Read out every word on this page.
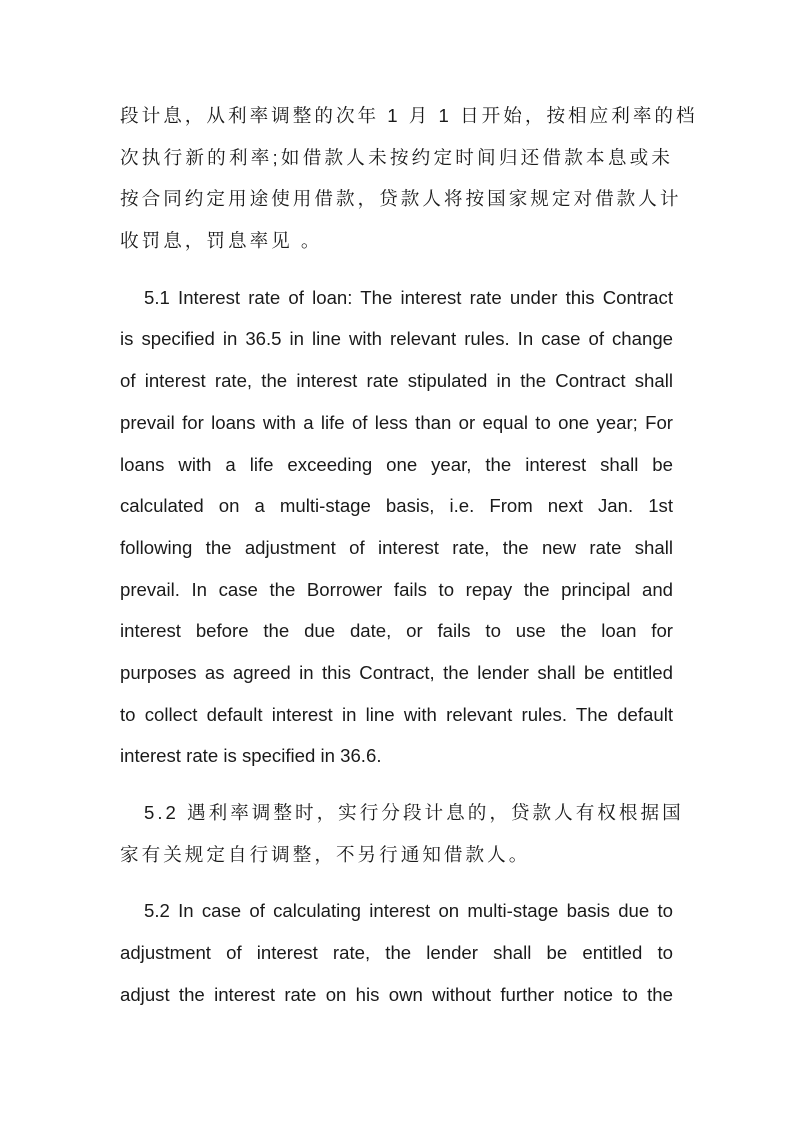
段计息，从利率调整的次年 1 月 1 日开始，按相应利率的档
次执行新的利率;如借款人未按约定时间归还借款本息或未
按合同约定用途使用借款，贷款人将按国家规定对借款人计
收罚息，罚息率见 。
5.1 Interest rate of loan: The interest rate under this Contract
is specified in 36.5 in line with relevant rules. In case of change
of interest rate, the interest rate stipulated in the Contract shall
prevail for loans with a life of less than or equal to one year; For
loans with a life exceeding one year, the interest shall be
calculated on a multi-stage basis, i.e. From next Jan. 1st
following the adjustment of interest rate, the new rate shall
prevail. In case the Borrower fails to repay the principal and
interest before the due date, or fails to use the loan for
purposes as agreed in this Contract, the lender shall be entitled
to collect default interest in line with relevant rules. The default
interest rate is specified in 36.6.
5.2 遇利率调整时，实行分段计息的，贷款人有权根据国
家有关规定自行调整，不另行通知借款人。
5.2 In case of calculating interest on multi-stage basis due to
adjustment of interest rate, the lender shall be entitled to
adjust the interest rate on his own without further notice to the
